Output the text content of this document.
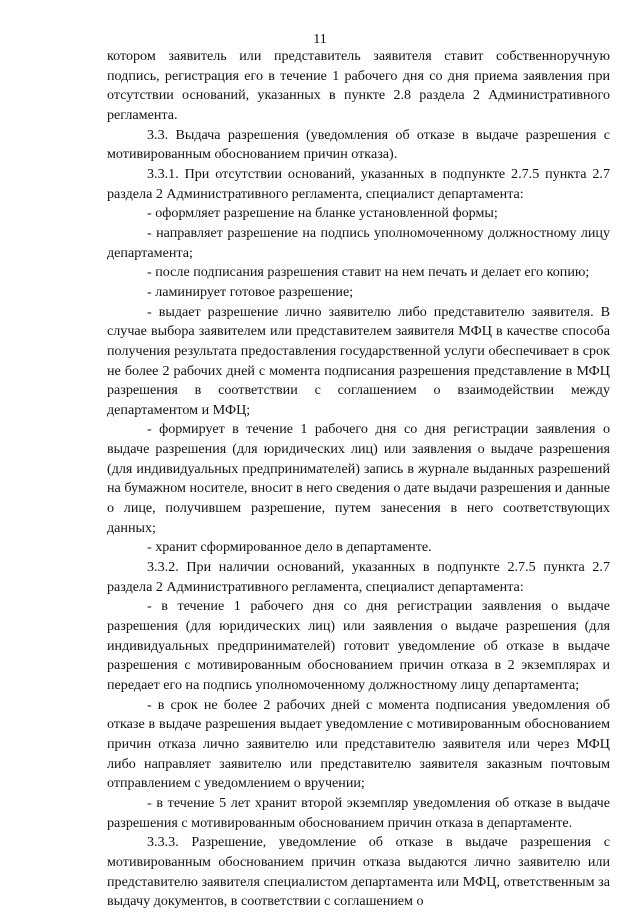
11

котором заявитель или представитель заявителя ставит собственноручную подпись, регистрация его в течение 1 рабочего дня со дня приема заявления при отсутствии оснований, указанных в пункте 2.8 раздела 2 Административного регламента.

3.3. Выдача разрешения (уведомления об отказе в выдаче разрешения с мотивированным обоснованием причин отказа).

3.3.1. При отсутствии оснований, указанных в подпункте 2.7.5 пункта 2.7 раздела 2 Административного регламента, специалист департамента:

- оформляет разрешение на бланке установленной формы;

- направляет разрешение на подпись уполномоченному должностному лицу департамента;

- после подписания разрешения ставит на нем печать и делает его копию;

- ламинирует готовое разрешение;

- выдает разрешение лично заявителю либо представителю заявителя. В случае выбора заявителем или представителем заявителя МФЦ в качестве способа получения результата предоставления государственной услуги обеспечивает в срок не более 2 рабочих дней с момента подписания разрешения представление в МФЦ разрешения в соответствии с соглашением о взаимодействии между департаментом и МФЦ;

- формирует в течение 1 рабочего дня со дня регистрации заявления о выдаче разрешения (для юридических лиц) или заявления о выдаче разрешения (для индивидуальных предпринимателей) запись в журнале выданных разрешений на бумажном носителе, вносит в него сведения о дате выдачи разрешения и данные о лице, получившем разрешение, путем занесения в него соответствующих данных;

- хранит сформированное дело в департаменте.

3.3.2. При наличии оснований, указанных в подпункте 2.7.5 пункта 2.7 раздела 2 Административного регламента, специалист департамента:

- в течение 1 рабочего дня со дня регистрации заявления о выдаче разрешения (для юридических лиц) или заявления о выдаче разрешения (для индивидуальных предпринимателей) готовит уведомление об отказе в выдаче разрешения с мотивированным обоснованием причин отказа в 2 экземплярах и передает его на подпись уполномоченному должностному лицу департамента;

- в срок не более 2 рабочих дней с момента подписания уведомления об отказе в выдаче разрешения выдает уведомление с мотивированным обоснованием причин отказа лично заявителю или представителю заявителя или через МФЦ либо направляет заявителю или представителю заявителя заказным почтовым отправлением с уведомлением о вручении;

- в течение 5 лет хранит второй экземпляр уведомления об отказе в выдаче разрешения с мотивированным обоснованием причин отказа в департаменте.

3.3.3. Разрешение, уведомление об отказе в выдаче разрешения с мотивированным обоснованием причин отказа выдаются лично заявителю или представителю заявителя специалистом департамента или МФЦ, ответственным за выдачу документов, в соответствии с соглашением о
